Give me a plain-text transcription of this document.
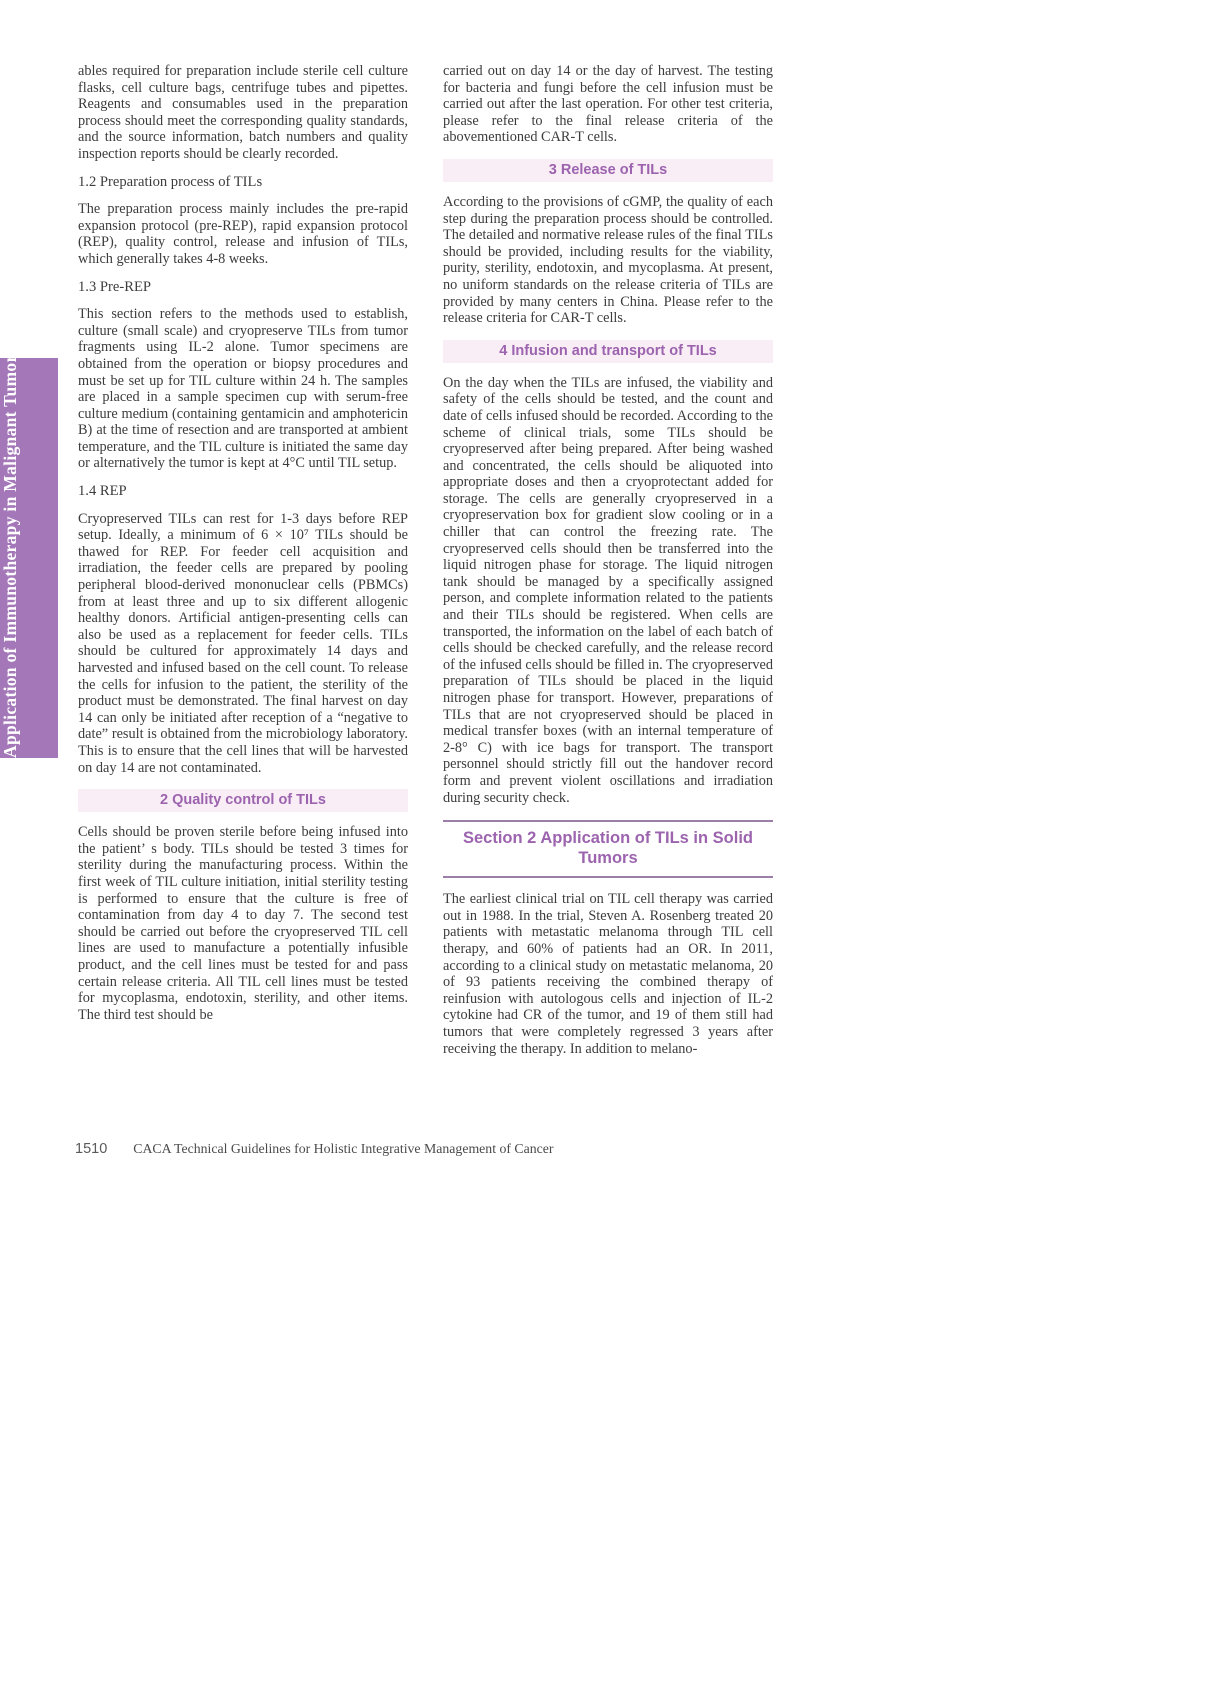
Application of Immunotherapy in Malignant Tumors

ables required for preparation include sterile cell culture flasks, cell culture bags, centrifuge tubes and pipettes. Reagents and consumables used in the preparation process should meet the corresponding quality standards, and the source information, batch numbers and quality inspection reports should be clearly recorded.

1.2 Preparation process of TILs

The preparation process mainly includes the pre-rapid expansion protocol (pre-REP), rapid expansion protocol (REP), quality control, release and infusion of TILs, which generally takes 4-8 weeks.

1.3 Pre-REP

This section refers to the methods used to establish, culture (small scale) and cryopreserve TILs from tumor fragments using IL-2 alone. Tumor specimens are obtained from the operation or biopsy procedures and must be set up for TIL culture within 24 h. The samples are placed in a sample specimen cup with serum-free culture medium (containing gentamicin and amphotericin B) at the time of resection and are transported at ambient temperature, and the TIL culture is initiated the same day or alternatively the tumor is kept at 4°C until TIL setup.

1.4 REP

Cryopreserved TILs can rest for 1-3 days before REP setup. Ideally, a minimum of 6 × 10⁷ TILs should be thawed for REP. For feeder cell acquisition and irradiation, the feeder cells are prepared by pooling peripheral blood-derived mononuclear cells (PBMCs) from at least three and up to six different allogenic healthy donors. Artificial antigen-presenting cells can also be used as a replacement for feeder cells. TILs should be cultured for approximately 14 days and harvested and infused based on the cell count. To release the cells for infusion to the patient, the sterility of the product must be demonstrated. The final harvest on day 14 can only be initiated after reception of a “negative to date” result is obtained from the microbiology laboratory. This is to ensure that the cell lines that will be harvested on day 14 are not contaminated.

2 Quality control of TILs

Cells should be proven sterile before being infused into the patient’ s body. TILs should be tested 3 times for sterility during the manufacturing process. Within the first week of TIL culture initiation, initial sterility testing is performed to ensure that the culture is free of contamination from day 4 to day 7. The second test should be carried out before the cryopreserved TIL cell lines are used to manufacture a potentially infusible product, and the cell lines must be tested for and pass certain release criteria. All TIL cell lines must be tested for mycoplasma, endotoxin, sterility, and other items. The third test should be

carried out on day 14 or the day of harvest. The testing for bacteria and fungi before the cell infusion must be carried out after the last operation. For other test criteria, please refer to the final release criteria of the abovementioned CAR-T cells.

3 Release of TILs

According to the provisions of cGMP, the quality of each step during the preparation process should be controlled. The detailed and normative release rules of the final TILs should be provided, including results for the viability, purity, sterility, endotoxin, and mycoplasma. At present, no uniform standards on the release criteria of TILs are provided by many centers in China. Please refer to the release criteria for CAR-T cells.

4 Infusion and transport of TILs

On the day when the TILs are infused, the viability and safety of the cells should be tested, and the count and date of cells infused should be recorded. According to the scheme of clinical trials, some TILs should be cryopreserved after being prepared. After being washed and concentrated, the cells should be aliquoted into appropriate doses and then a cryoprotectant added for storage. The cells are generally cryopreserved in a cryopreservation box for gradient slow cooling or in a chiller that can control the freezing rate. The cryopreserved cells should then be transferred into the liquid nitrogen phase for storage. The liquid nitrogen tank should be managed by a specifically assigned person, and complete information related to the patients and their TILs should be registered. When cells are transported, the information on the label of each batch of cells should be checked carefully, and the release record of the infused cells should be filled in. The cryopreserved preparation of TILs should be placed in the liquid nitrogen phase for transport. However, preparations of TILs that are not cryopreserved should be placed in medical transfer boxes (with an internal temperature of 2-8° C) with ice bags for transport. The transport personnel should strictly fill out the handover record form and prevent violent oscillations and irradiation during security check.

Section 2 Application of TILs in Solid Tumors

The earliest clinical trial on TIL cell therapy was carried out in 1988. In the trial, Steven A. Rosenberg treated 20 patients with metastatic melanoma through TIL cell therapy, and 60% of patients had an OR. In 2011, according to a clinical study on metastatic melanoma, 20 of 93 patients receiving the combined therapy of reinfusion with autologous cells and injection of IL-2 cytokine had CR of the tumor, and 19 of them still had tumors that were completely regressed 3 years after receiving the therapy. In addition to melano-

1510 CACA Technical Guidelines for Holistic Integrative Management of Cancer
